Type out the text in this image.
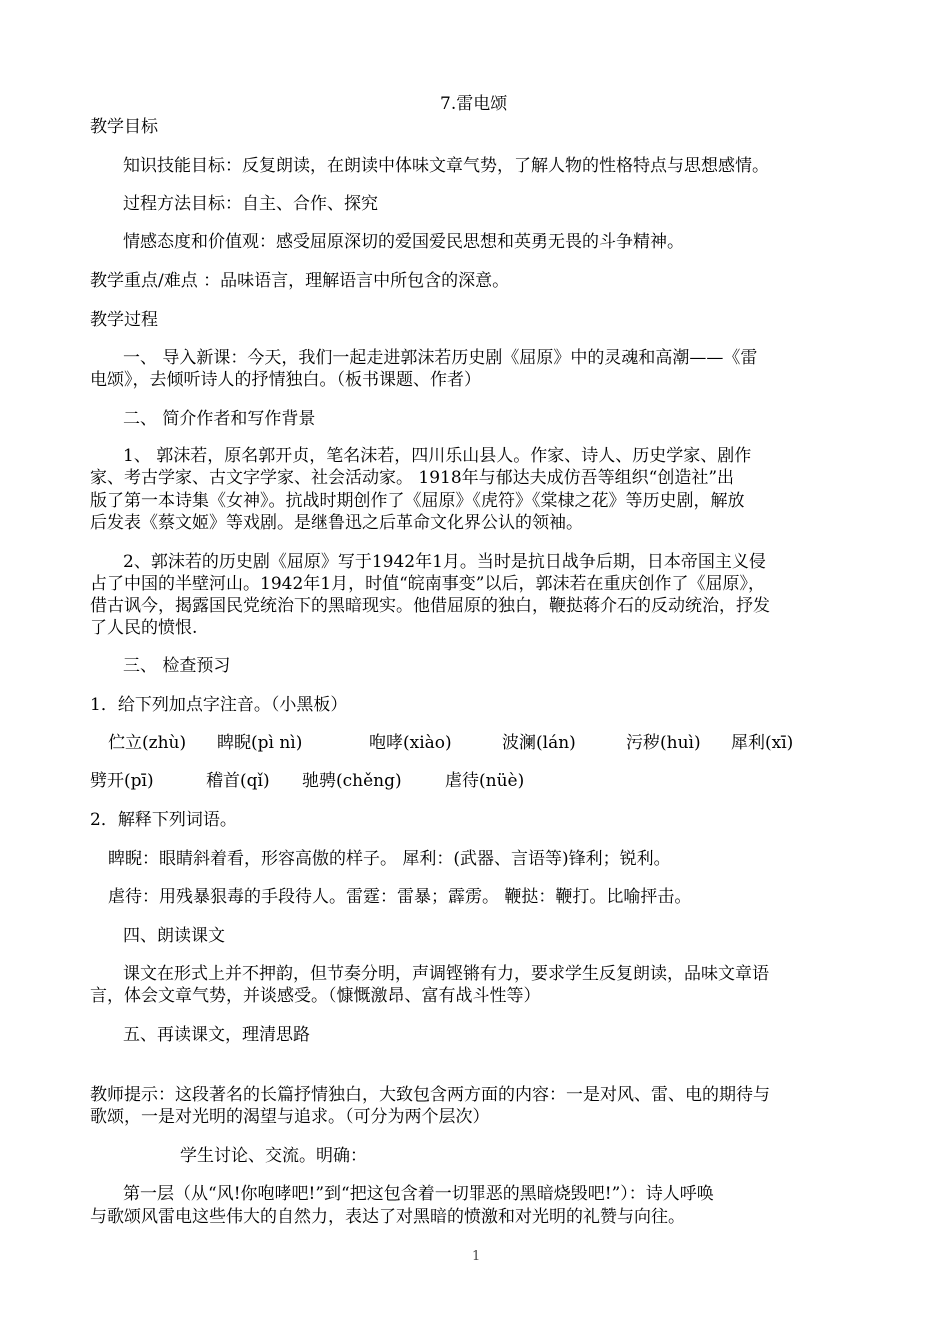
7.雷电颂

教学目标

知识技能目标：反复朗读，在朗读中体味文章气势，了解人物的性格特点与思想感情。

过程方法目标：自主、合作、探究

情感态度和价值观：感受屈原深切的爱国爱民思想和英勇无畏的斗争精神。

教学重点/难点 ：品味语言，理解语言中所包含的深意。

教学过程

一、 导入新课：今天，我们一起走进郭沫若历史剧《屈原》中的灵魂和高潮——《雷

电颂》，去倾听诗人的抒情独白。（板书课题、作者）

二、 简介作者和写作背景

1、 郭沫若，原名郭开贞，笔名沫若，四川乐山县人。作家、诗人、历史学家、剧作

家、考古学家、古文字学家、社会活动家。 1918年与郁达夫成仿吾等组织“创造社”出

版了第一本诗集《女神》。抗战时期创作了《屈原》《虎符》《棠棣之花》等历史剧，解放

后发表《蔡文姬》等戏剧。是继鲁迅之后革命文化界公认的领袖。

2、郭沫若的历史剧《屈原》写于1942年1月。当时是抗日战争后期，日本帝国主义侵

占了中国的半壁河山。1942年1月，时值“皖南事变”以后，郭沫若在重庆创作了《屈原》，

借古讽今，揭露国民党统治下的黑暗现实。他借屈原的独白，鞭挞蒋介石的反动统治，抒发

了人民的愤恨.

三、 检查预习

1．给下列加点字注音。（小黑板）

伫立(zhù) 睥睨(pì nì)	咆哮(xiào)	波澜(lán)	污秽(huì) 犀利(xī)

劈开(pī)	稽首(qǐ) 驰骋(chěng)	虐待(nüè)

2．解释下列词语。

睥睨：眼睛斜着看，形容高傲的样子。 犀利：(武器、言语等)锋利；锐利。

虐待：用残暴狠毒的手段待人。雷霆：雷暴；霹雳。 鞭挞：鞭打。比喻抨击。

四、朗读课文

课文在形式上并不押韵，但节奏分明，声调铿锵有力，要求学生反复朗读，品味文章语

言，体会文章气势，并谈感受。（慷慨激昂、富有战斗性等）

五、再读课文，理清思路

教师提示：这段著名的长篇抒情独白，大致包含两方面的内容：一是对风、雷、电的期待与

歌颂，一是对光明的渴望与追求。（可分为两个层次）

学生讨论、交流。明确：

第一层（从“风!你咆哮吧!”到“把这包含着一切罪恶的黑暗烧毁吧!”）：诗人呼唤

与歌颂风雷电这些伟大的自然力，表达了对黑暗的愤激和对光明的礼赞与向往。

1
